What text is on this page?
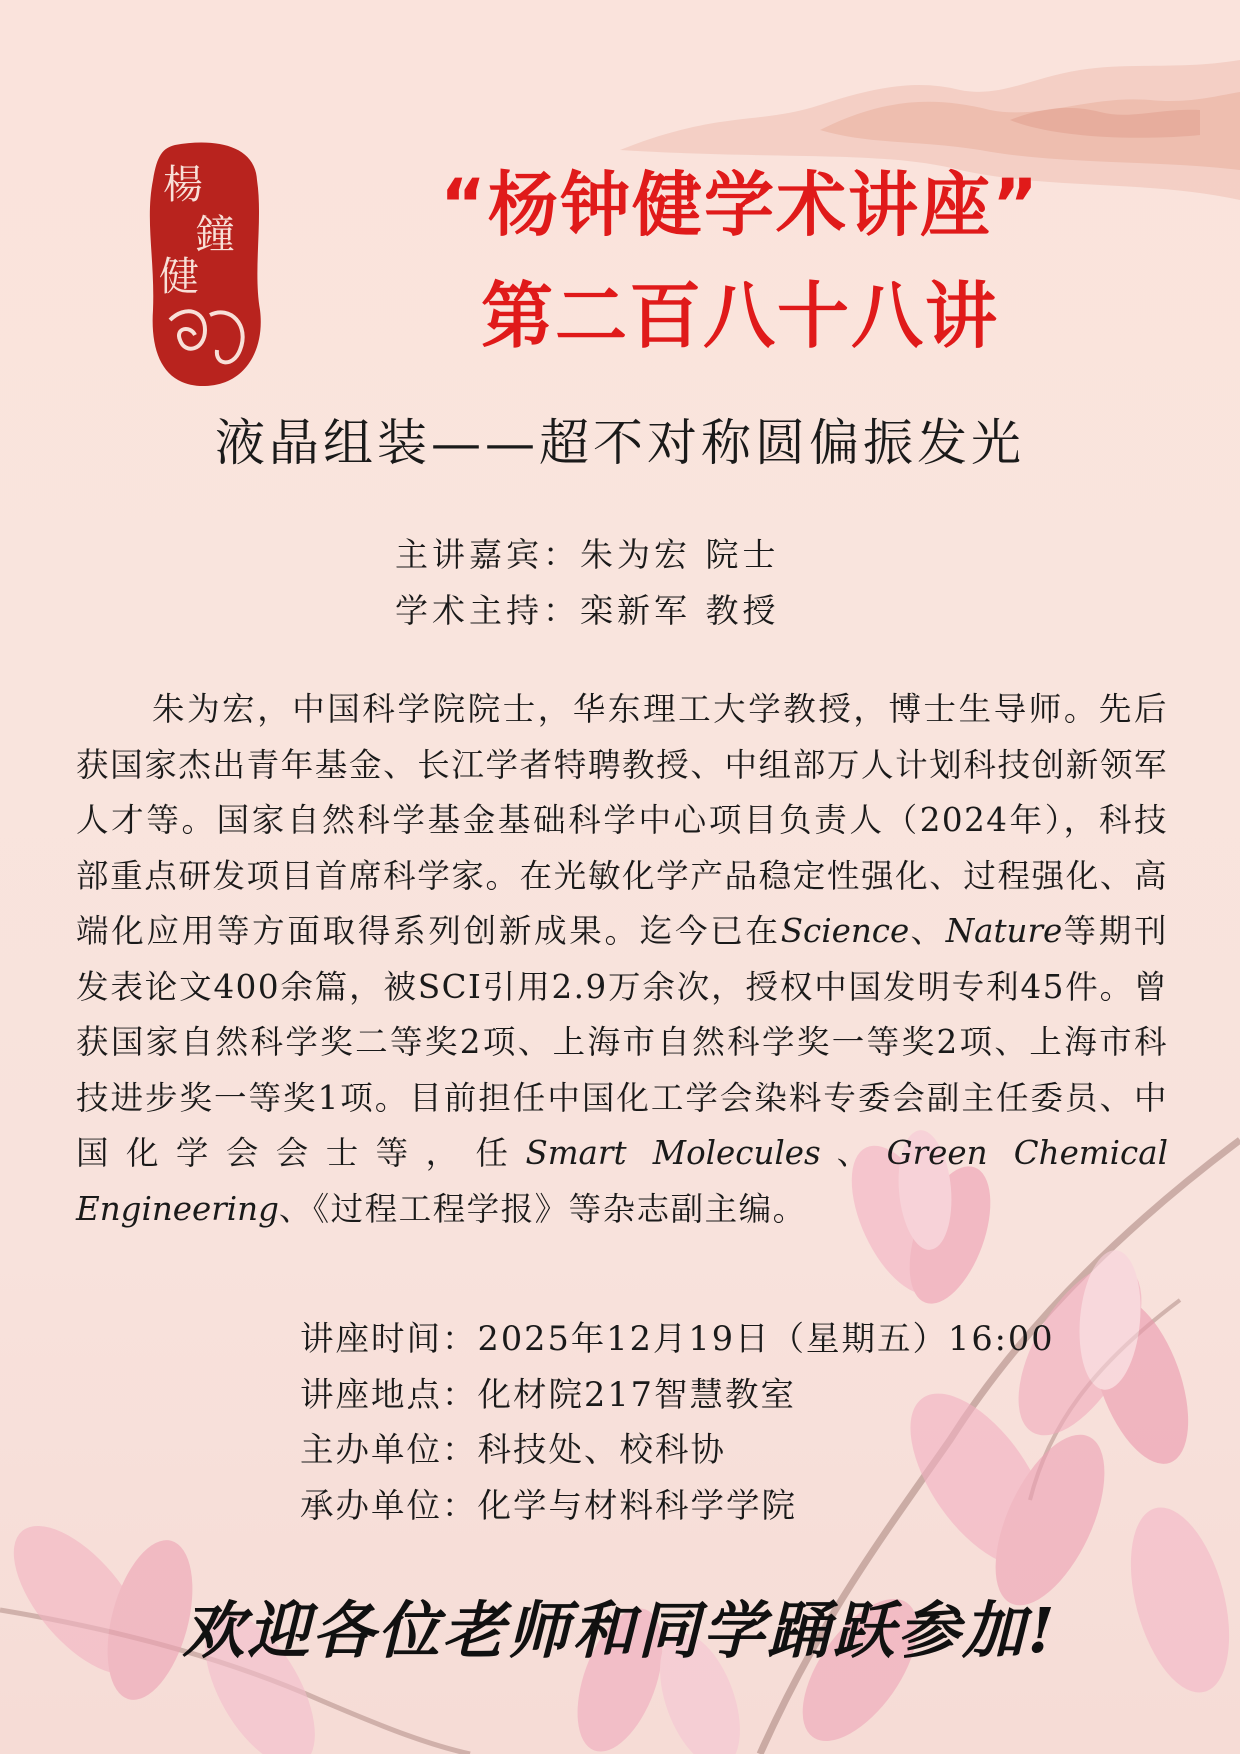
楊
鐘
健
“杨钟健学术讲座”
第二百八十八讲
液晶组装——超不对称圆偏振发光
主讲嘉宾：朱为宏 院士
学术主持：栾新军 教授

朱为宏，中国科学院院士，华东理工大学教授，博士生导师。先后获国家杰出青年基金、长江学者特聘教授、中组部万人计划科技创新领军人才等。国家自然科学基金基础科学中心项目负责人（2024年），科技部重点研发项目首席科学家。在光敏化学产品稳定性强化、过程强化、高端化应用等方面取得系列创新成果。迄今已在Science、Nature等期刊发表论文400余篇，被SCI引用2.9万余次，授权中国发明专利45件。曾获国家自然科学奖二等奖2项、上海市自然科学奖一等奖2项、上海市科技进步奖一等奖1项。目前担任中国化工学会染料专委会副主任委员、中国化学会会士等，任Smart Molecules、Green Chemical Engineering、《过程工程学报》等杂志副主编。

讲座时间：2025年12月19日（星期五）16:00
讲座地点：化材院217智慧教室
主办单位：科技处、校科协
承办单位：化学与材料科学学院
欢迎各位老师和同学踊跃参加!
